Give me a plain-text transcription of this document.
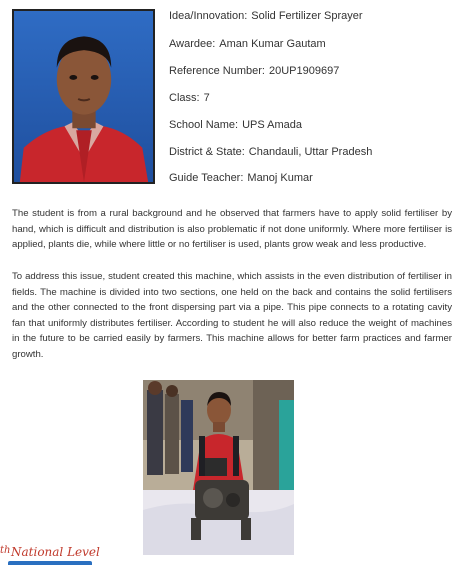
Idea/Innovation: Solid Fertilizer Sprayer
Awardee: Aman Kumar Gautam
Reference Number: 20UP1909697
Class: 7
School Name: UPS Amada
District & State: Chandauli, Uttar Pradesh
Guide Teacher: Manoj Kumar

The student is from a rural background and he observed that farmers have to apply solid fertiliser by hand, which is difficult and distribution is also problematic if not done uniformly. Where more fertiliser is applied, plants die, while where little or no fertiliser is used, plants grow weak and less productive.

To address this issue, student created this machine, which assists in the even distribution of fertiliser in fields. The machine is divided into two sections, one held on the back and contains the solid fertilisers and the other connected to the front dispersing part via a pipe. This pipe connects to a rotating cavity fan that uniformly distributes fertiliser. According to student he will also reduce the weight of machines in the future to be carried easily by farmers. This machine allows for better farm practices and farmer growth.

th National Level
